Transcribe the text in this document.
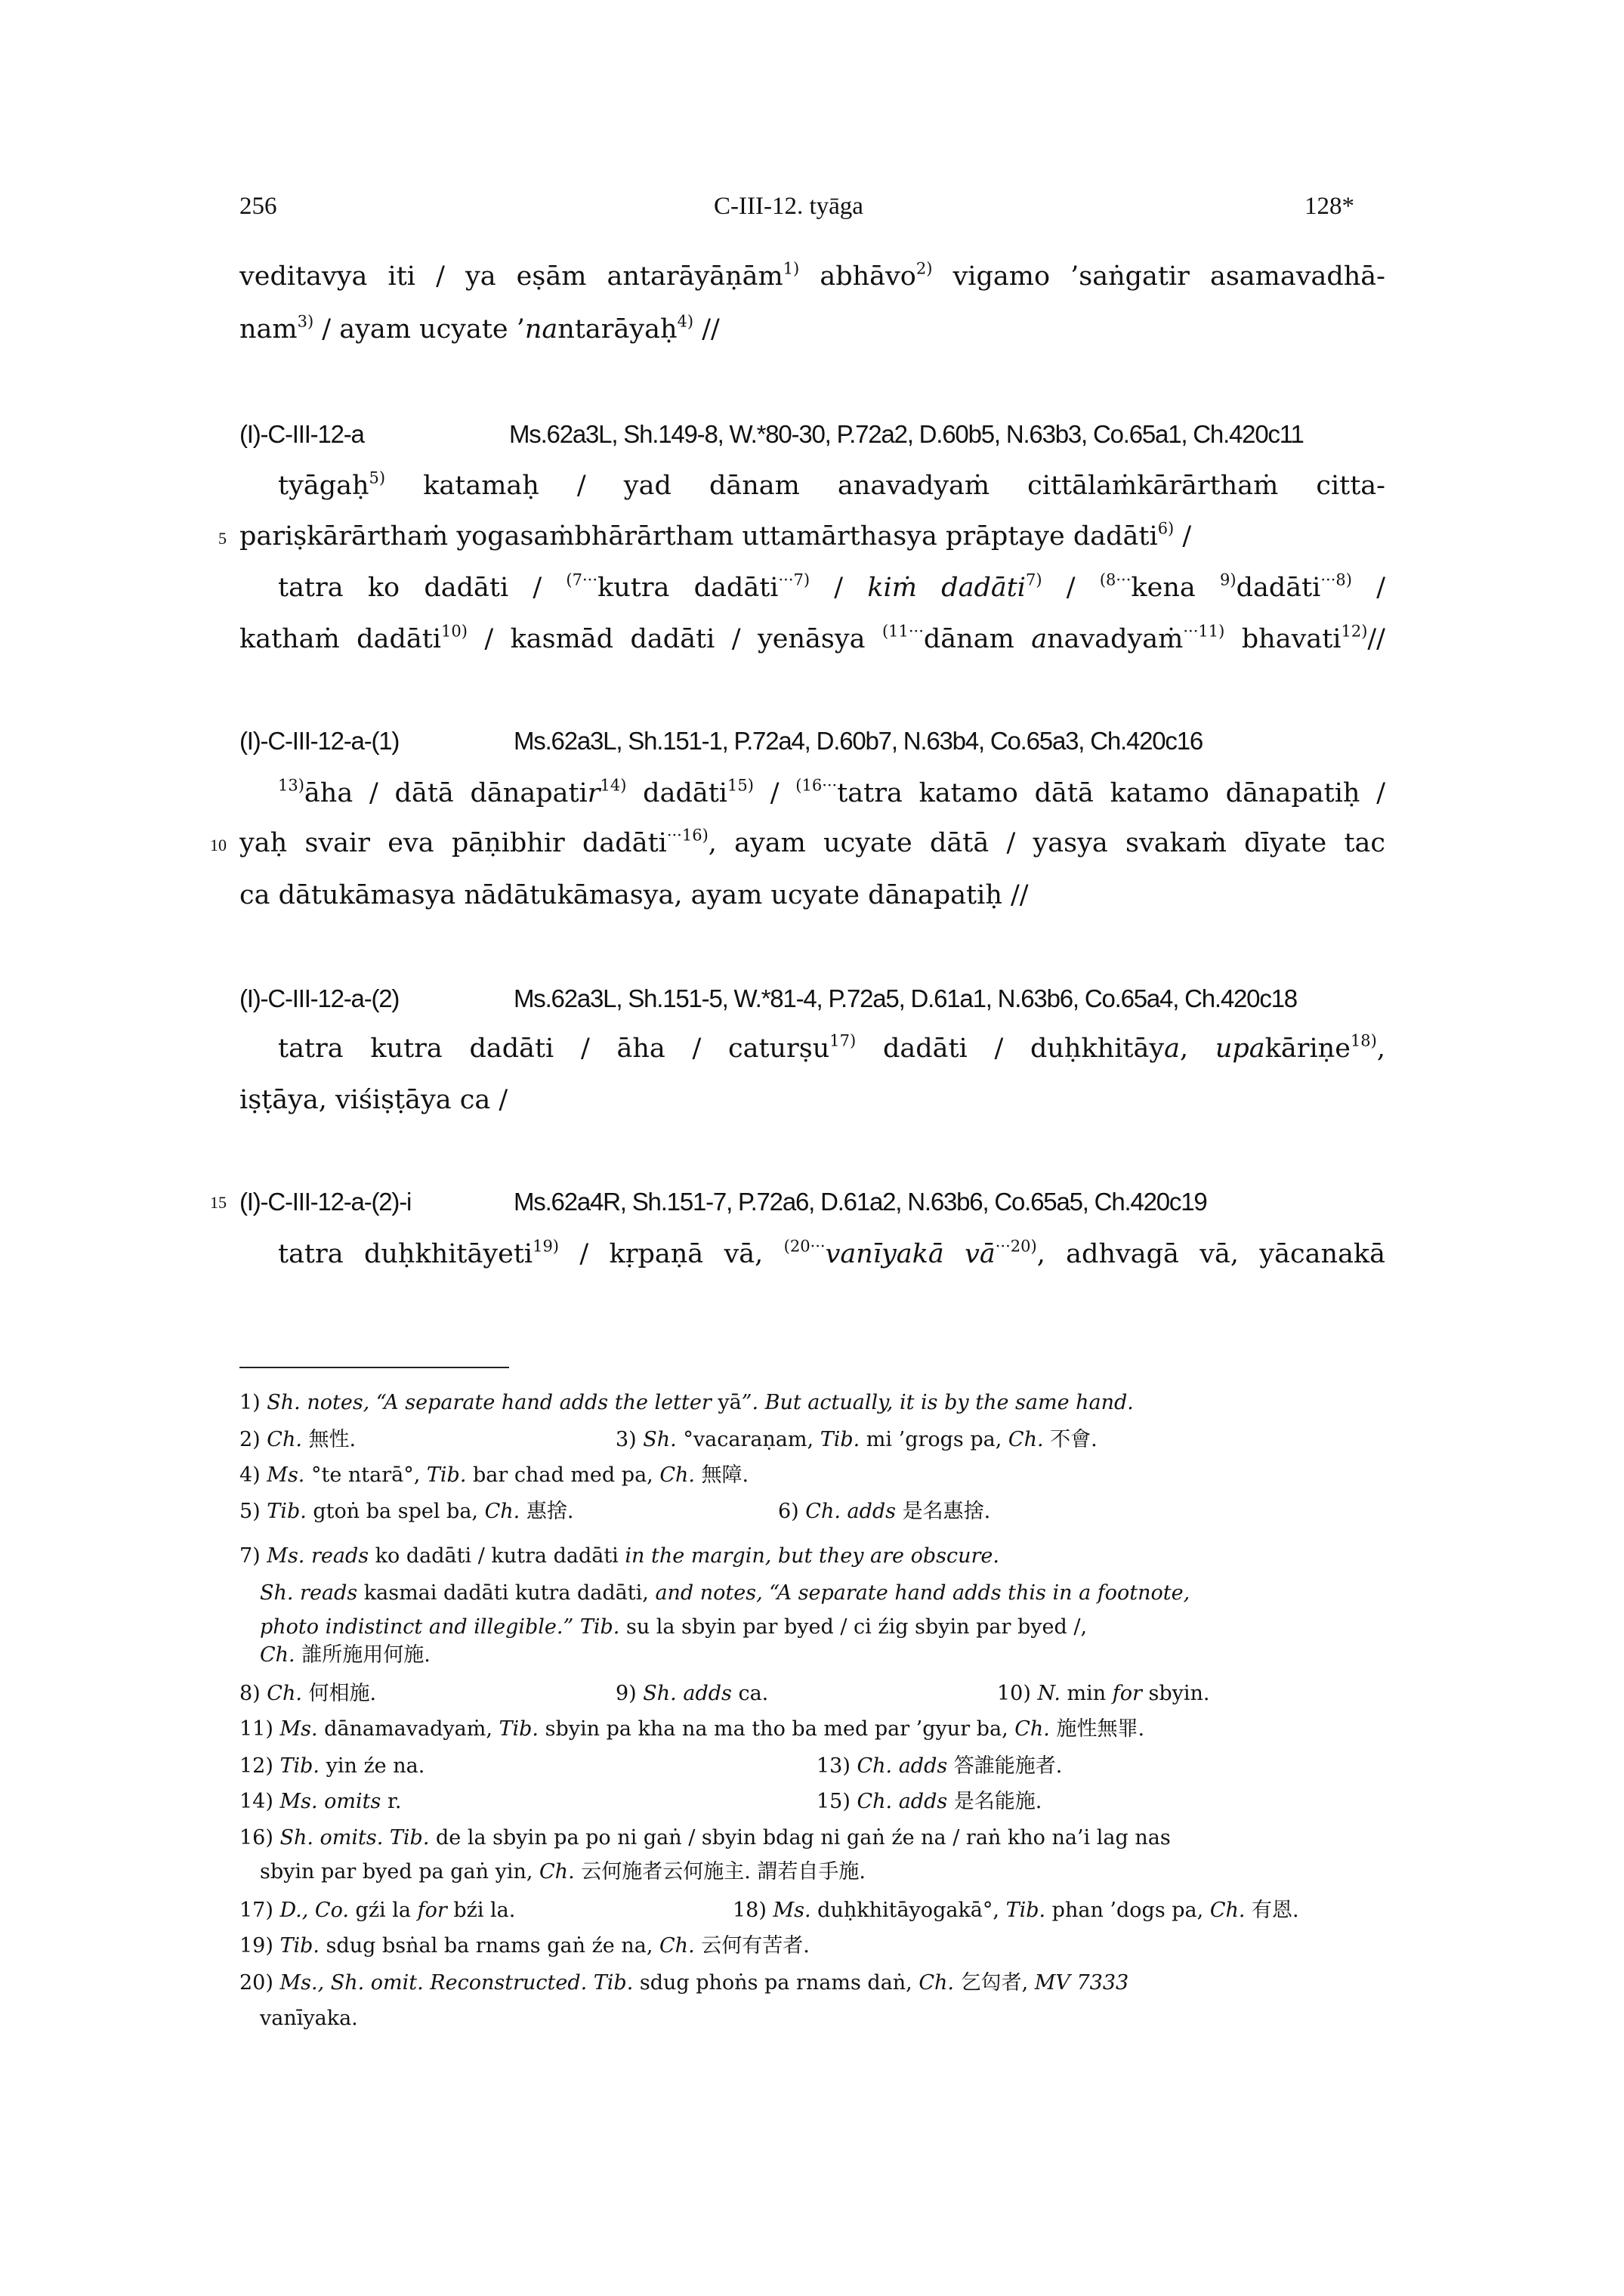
256	C-III-12. tyāga	128*
veditavya iti / ya eṣām antarāyāṇām$^{1)}$ abhāvo$^{2)}$ vigamo ’saṅgatir asamavadhā-
nam$^{3)}$ / ayam ucyate ’nantarāyaḥ$^{4)}$ //
tyāgaḥ$^{5)}$ katamaḥ / yad dānam anavadyaṁ cittālaṁkārārthaṁ citta-
pariṣkārārthaṁ yogasaṁbhārārtham uttamārthasya prāptaye dadāti$^{6)}$ /
5
tatra ko dadāti / $^{(7\cdot\cdot\cdot}$kutra dadāti$^{\cdot\cdot\cdot 7)}$ / kiṁ dadāti$^{7)}$ / $^{(8\cdot\cdot\cdot}$kena $^{9)}$dadāti$^{\cdot\cdot\cdot 8)}$ /
kathaṁ dadāti$^{10)}$ / kasmād dadāti / yenāsya $^{(11\cdot\cdot\cdot}$dānam anavadyaṁ$^{\cdot\cdot\cdot 11)}$ bhavati$^{12)}$//
$^{13)}$āha / dātā dānapatir$^{14)}$ dadāti$^{15)}$ / $^{(16\cdot\cdot\cdot}$tatra katamo dātā katamo dānapatiḥ /
yaḥ svair eva pāṇibhir dadāti$^{\cdot\cdot\cdot 16)}$, ayam ucyate dātā / yasya svakaṁ dīyate tac
10
ca dātukāmasya nādātukāmasya, ayam ucyate dānapatiḥ //
tatra kutra dadāti / āha / caturṣu$^{17)}$ dadāti / duḥkhitāya, upakāriṇe$^{18)}$,
iṣṭāya, viśiṣṭāya ca /
tatra duḥkhitāyeti$^{19)}$ / kṛpaṇā vā, $^{(20\cdot\cdot\cdot}$vanīyakā $vā^{\cdot\cdot\cdot 20)}$, adhvagā vā, yācanakā
(I)-C-III-12-a	Ms.62a3L, Sh.149-8, W.*80-30, P.72a2, D.60b5, N.63b3, Co.65a1, Ch.420c11
(I)-C-III-12-a-(1)	Ms.62a3L, Sh.151-1, P.72a4, D.60b7, N.63b4, Co.65a3, Ch.420c16
(I)-C-III-12-a-(2)	Ms.62a3L, Sh.151-5, W.*81-4, P.72a5, D.61a1, N.63b6, Co.65a4, Ch.420c18
(I)-C-III-12-a-(2)-i	Ms.62a4R, Sh.151-7, P.72a6, D.61a2, N.63b6, Co.65a5, Ch.420c19
15
1) Sh. notes, “A separate hand adds the letter yā”. But actually, it is by the same hand.
2) Ch. 無性.	3) Sh. °vacaraṇam, Tib. mi ’grogs pa, Ch. 不會.
4) Ms. °te ntarā°, Tib. bar chad med pa, Ch. 無障.
5) Tib. gtoṅ ba spel ba, Ch. 惠捨.	6) Ch. adds 是名惠捨.
7) Ms. reads ko dadāti / kutra dadāti in the margin, but they are obscure.
Sh. reads kasmai dadāti kutra dadāti, and notes, “A separate hand adds this in a footnote,
photo indistinct and illegible.” Tib. su la sbyin par byed / ci źig sbyin par byed /,
Ch. 誰所施用何施.
8) Ch. 何相施.	9) Sh. adds ca.	10) N. min for sbyin.
11) Ms. dānamavadyaṁ, Tib. sbyin pa kha na ma tho ba med par ’gyur ba, Ch. 施性無罪.
12) Tib. yin źe na.	13) Ch. adds 答誰能施者.
14) Ms. omits r.	15) Ch. adds 是名能施.
16) Sh. omits. Tib. de la sbyin pa po ni gaṅ / sbyin bdag ni gaṅ źe na / raṅ kho na’i lag nas
sbyin par byed pa gaṅ yin, Ch. 云何施者云何施主. 謂若自手施.
17) D., Co. gźi la for bźi la.	18) Ms. duḥkhitāyogakā°, Tib. phan ’dogs pa, Ch. 有恩.
19) Tib. sdug bsṅal ba rnams gaṅ źe na, Ch. 云何有苦者.
20) Ms., Sh. omit. Reconstructed. Tib. sdug phoṅs pa rnams daṅ, Ch. 乞匃者, MV 7333
vanīyaka.
